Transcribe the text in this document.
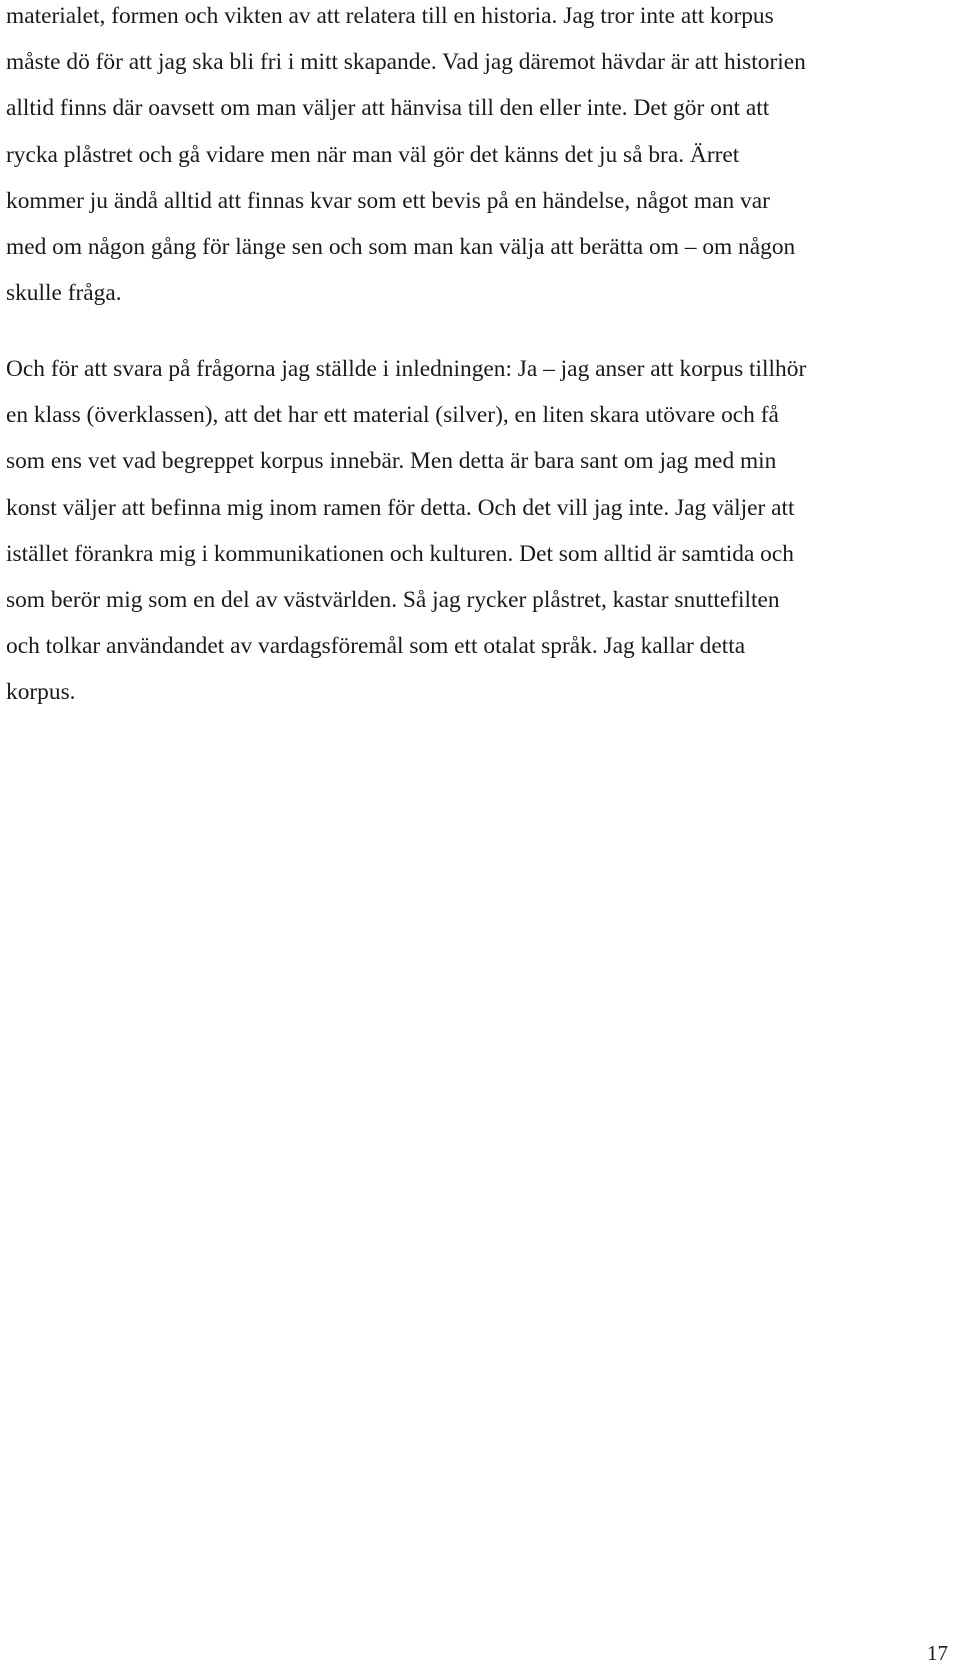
materialet, formen och vikten av att relatera till en historia. Jag tror inte att korpus
måste dö för att jag ska bli fri i mitt skapande. Vad jag däremot hävdar är att historien
alltid finns där oavsett om man väljer att hänvisa till den eller inte. Det gör ont att
rycka plåstret och gå vidare men när man väl gör det känns det ju så bra. Ärret
kommer ju ändå alltid att finnas kvar som ett bevis på en händelse, något man var
med om någon gång för länge sen och som man kan välja att berätta om – om någon
skulle fråga.

Och för att svara på frågorna jag ställde i inledningen: Ja – jag anser att korpus tillhör
en klass (överklassen), att det har ett material (silver), en liten skara utövare och få
som ens vet vad begreppet korpus innebär. Men detta är bara sant om jag med min
konst väljer att befinna mig inom ramen för detta. Och det vill jag inte. Jag väljer att
istället förankra mig i kommunikationen och kulturen. Det som alltid är samtida och
som berör mig som en del av västvärlden. Så jag rycker plåstret, kastar snuttefilten
och tolkar användandet av vardagsföremål som ett otalat språk. Jag kallar detta
korpus.

17
